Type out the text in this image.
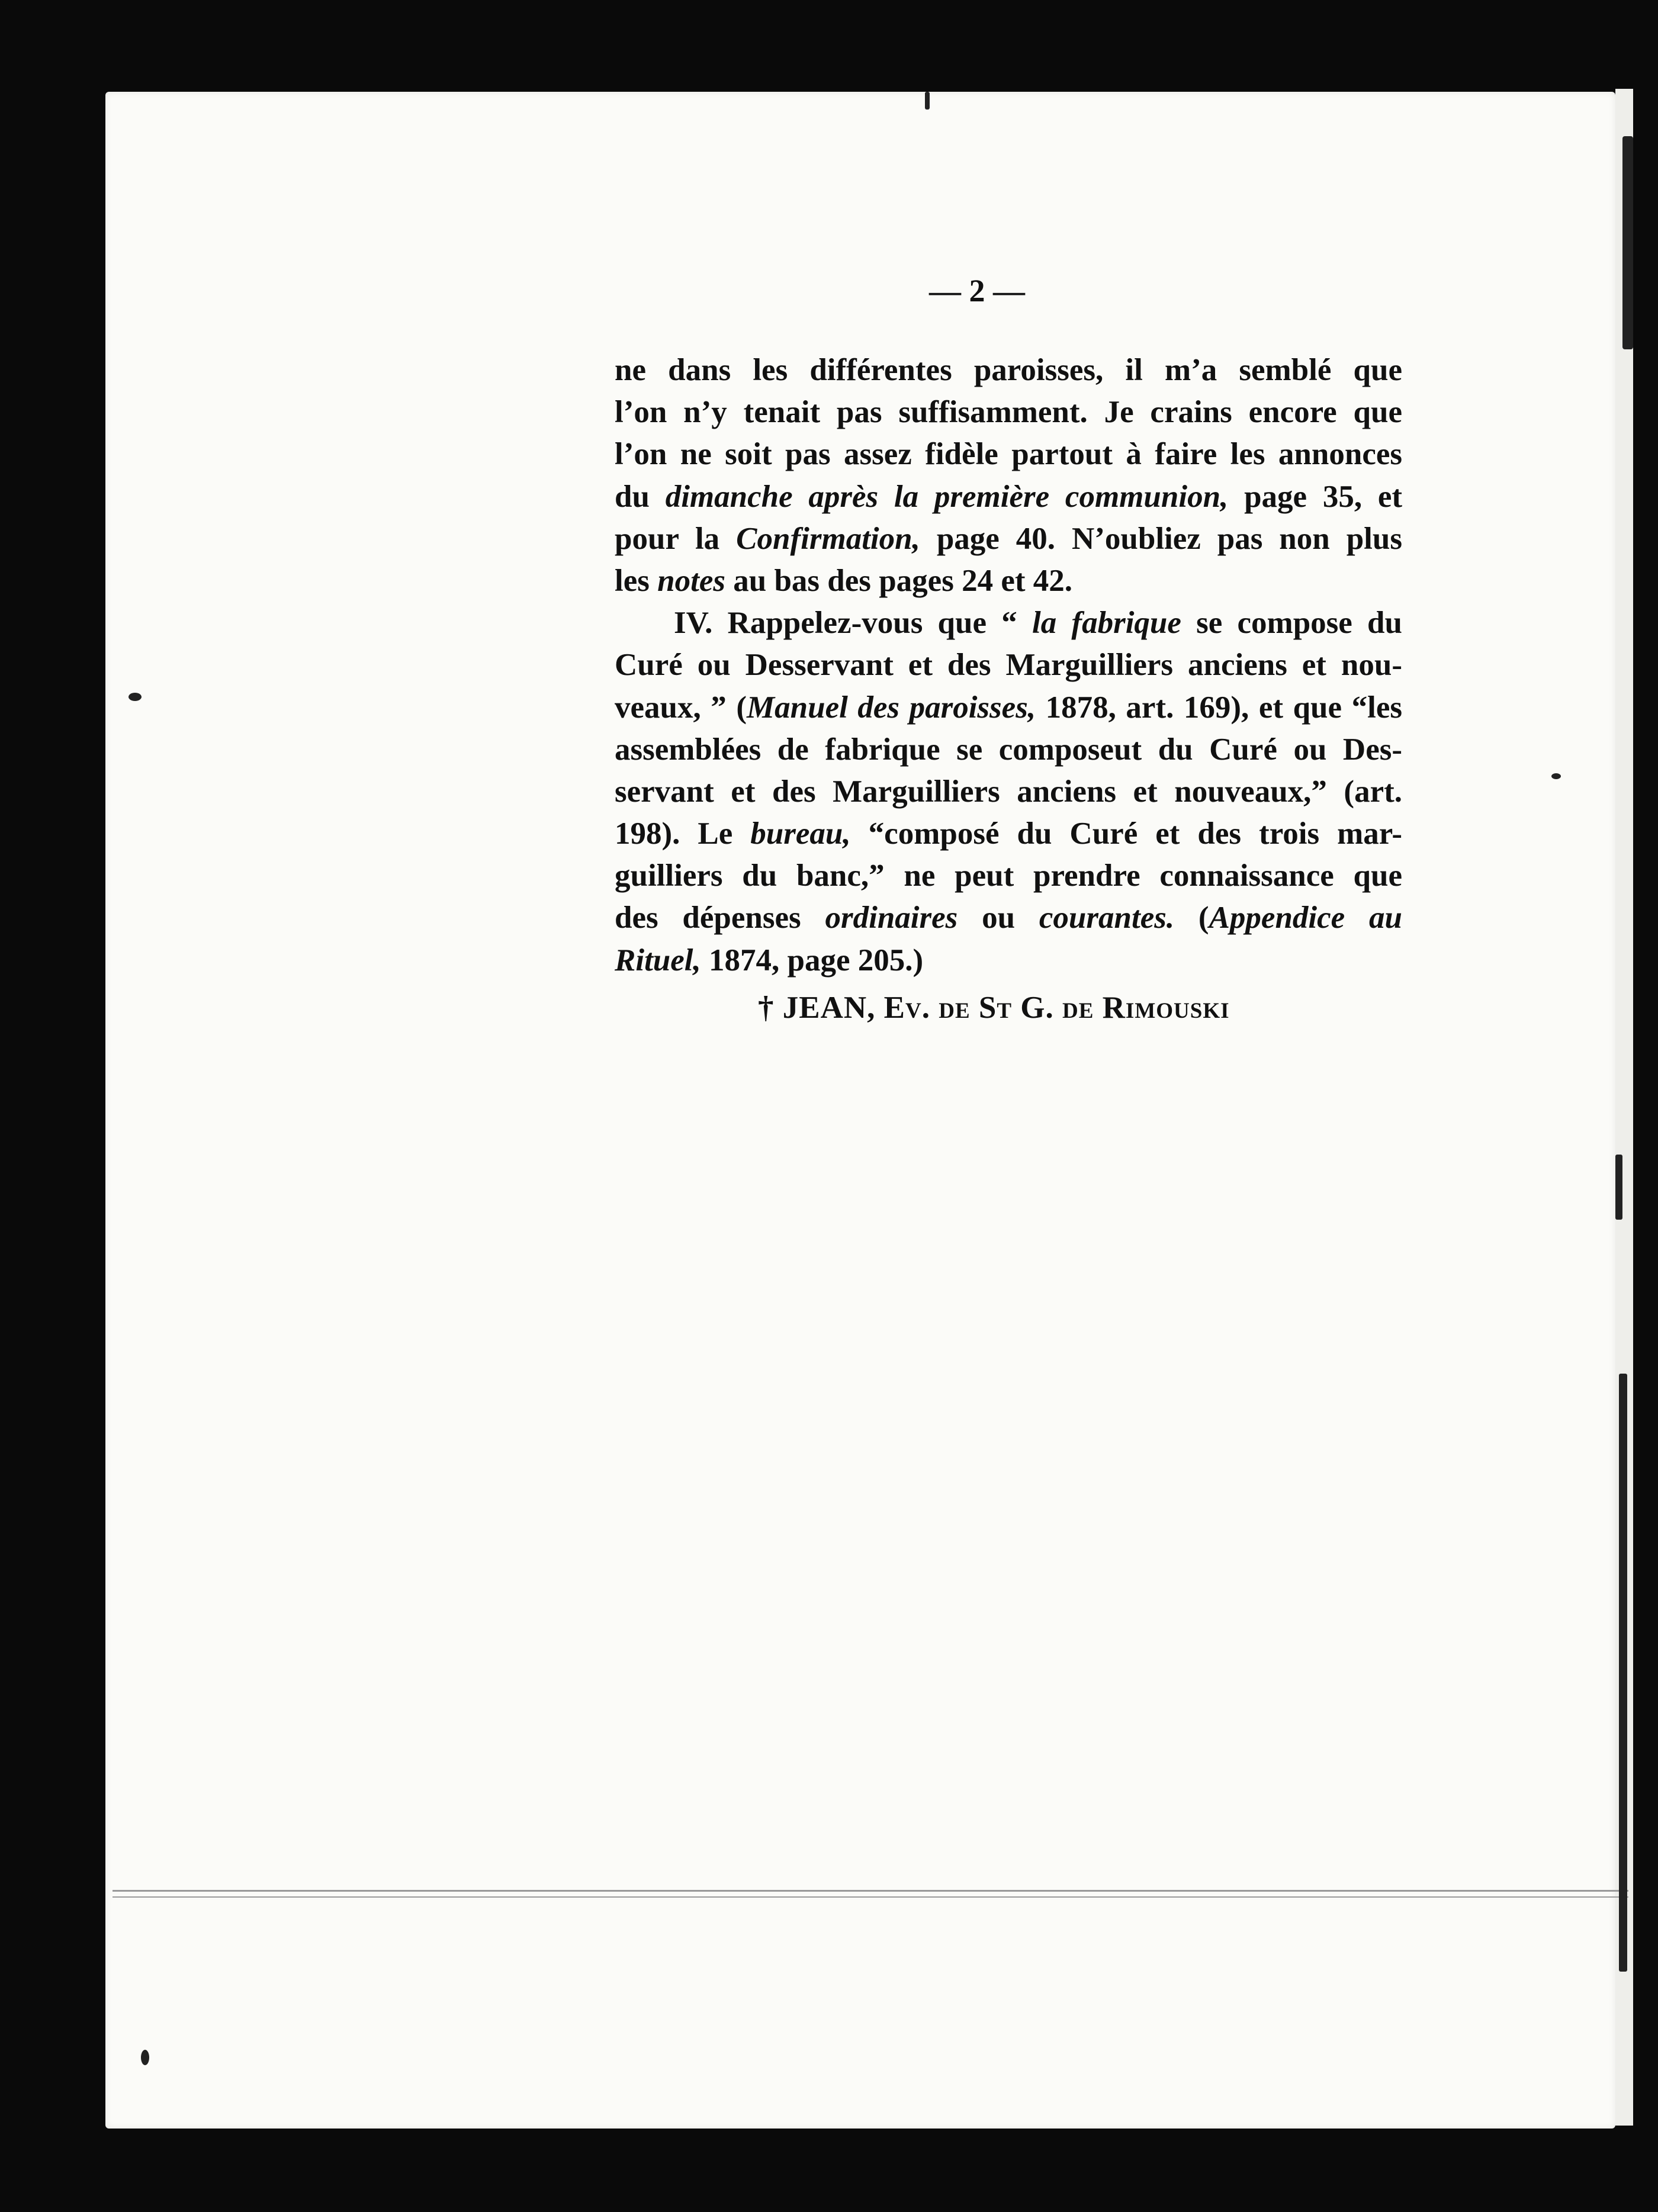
— 2 —
ne dans les différentes paroisses, il m’a semblé que
l’on n’y tenait pas suffisamment. Je crains encore que
l’on ne soit pas assez fidèle partout à faire les annonces
du dimanche après la première communion, page 35, et
pour la Confirmation, page 40. N’oubliez pas non plus
les notes au bas des pages 24 et 42.
IV. Rappelez-vous que “ la fabrique se compose du
Curé ou Desservant et des Marguilliers anciens et nou-
veaux, ” (Manuel des paroisses, 1878, art. 169), et que “les
assemblées de fabrique se composeut du Curé ou Des-
servant et des Marguilliers anciens et nouveaux,” (art.
198). Le bureau, “composé du Curé et des trois mar-
guilliers du banc,” ne peut prendre connaissance que
des dépenses ordinaires ou courantes. (Appendice au
Rituel, 1874, page 205.)
† JEAN, Ev. de St G. de Rimouski
